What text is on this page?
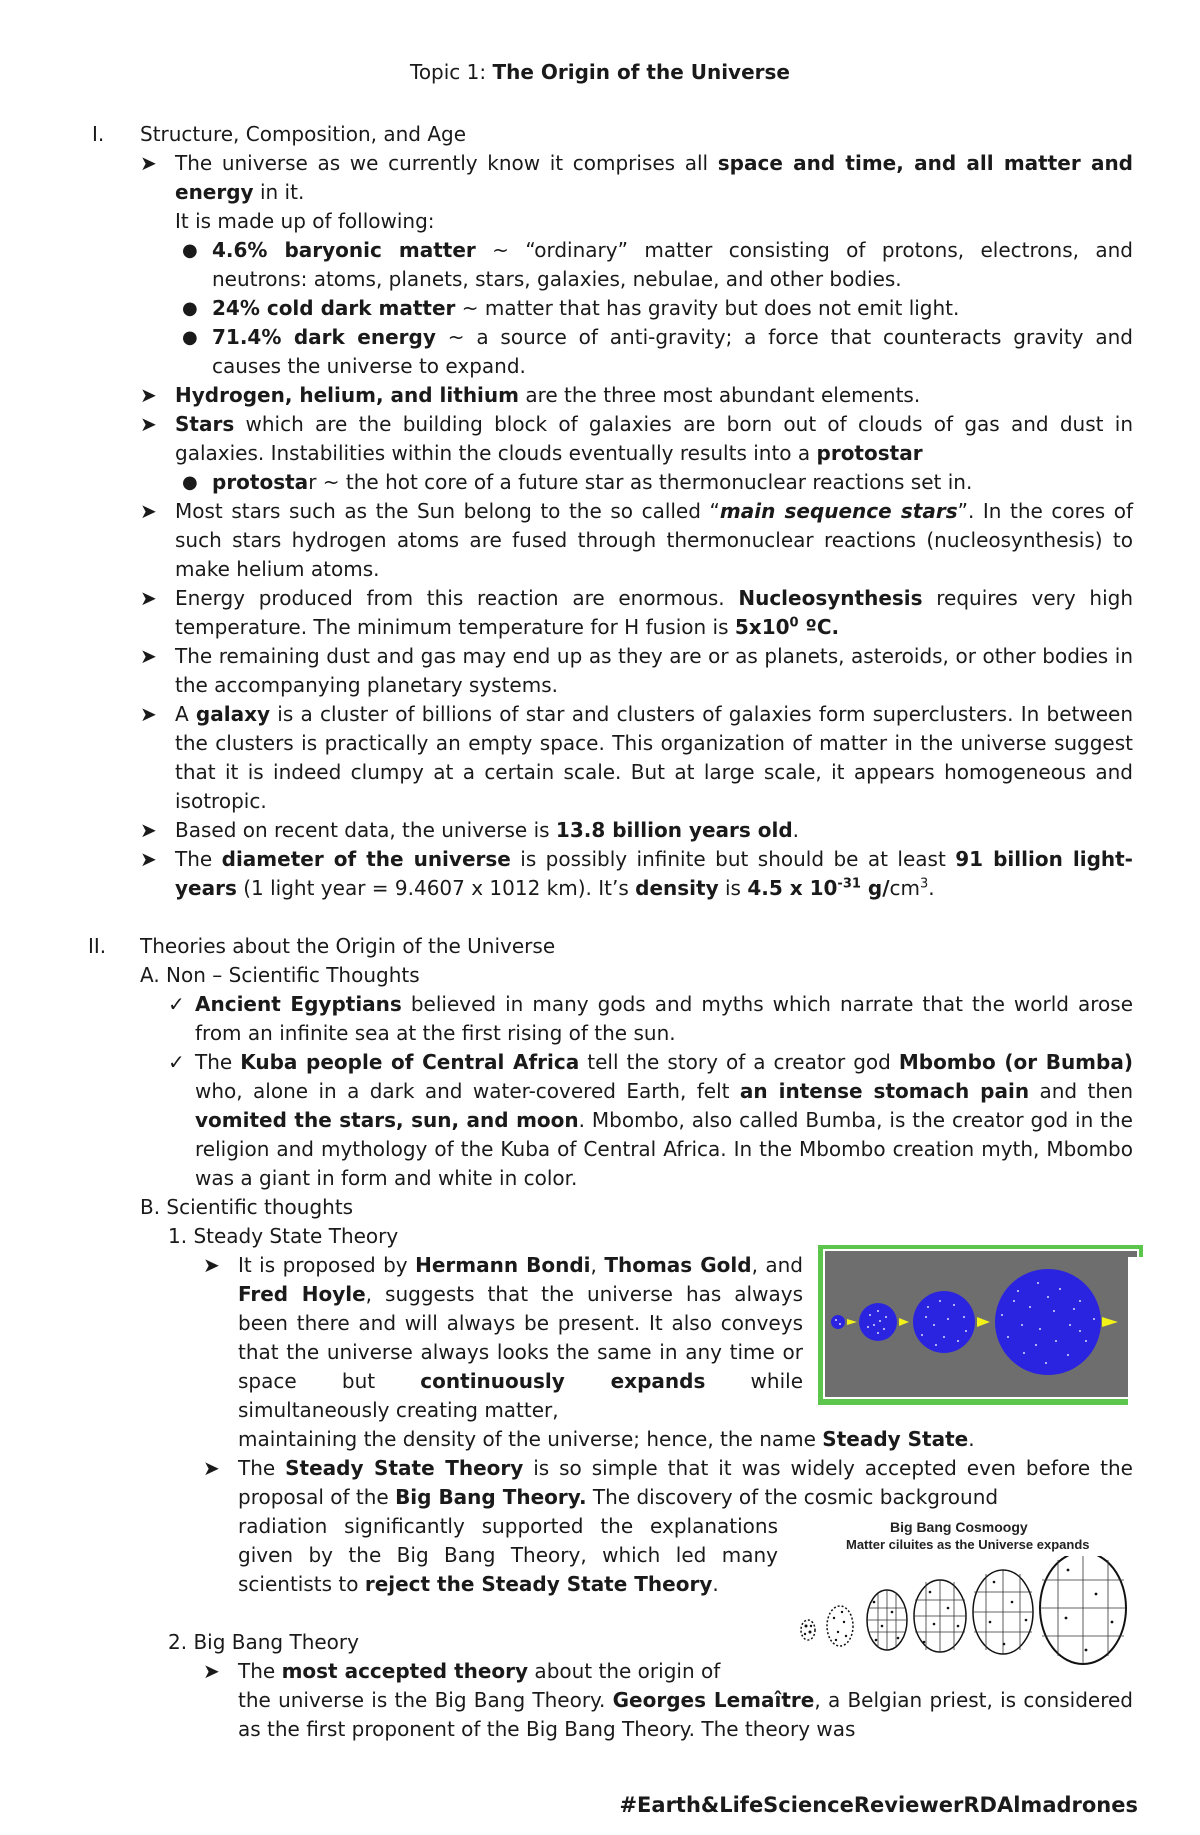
Topic 1: The Origin of the Universe
I. Structure, Composition, and Age
➤ The universe as we currently know it comprises all space and time, and all matter and energy in it.
It is made up of following:
● 4.6% baryonic matter ~ “ordinary” matter consisting of protons, electrons, and neutrons: atoms, planets, stars, galaxies, nebulae, and other bodies.
● 24% cold dark matter ~ matter that has gravity but does not emit light.
● 71.4% dark energy ~ a source of anti-gravity; a force that counteracts gravity and causes the universe to expand.
➤ Hydrogen, helium, and lithium are the three most abundant elements.
➤ Stars which are the building block of galaxies are born out of clouds of gas and dust in galaxies. Instabilities within the clouds eventually results into a protostar
● protostar ~ the hot core of a future star as thermonuclear reactions set in.
➤ Most stars such as the Sun belong to the so called “main sequence stars”. In the cores of such stars hydrogen atoms are fused through thermonuclear reactions (nucleosynthesis) to make helium atoms.
➤ Energy produced from this reaction are enormous. Nucleosynthesis requires very high temperature. The minimum temperature for H fusion is $5x10^0$ ºC.
➤ The remaining dust and gas may end up as they are or as planets, asteroids, or other bodies in the accompanying planetary systems.
➤ A galaxy is a cluster of billions of star and clusters of galaxies form superclusters. In between the clusters is practically an empty space. This organization of matter in the universe suggest that it is indeed clumpy at a certain scale. But at large scale, it appears homogeneous and isotropic.
➤ Based on recent data, the universe is 13.8 billion years old.
➤ The diameter of the universe is possibly infinite but should be at least 91 billion light-years (1 light year = 9.4607 x 1012 km). It’s density is 4.5 x $10^{-31}$ $g/cm^3$.
II. Theories about the Origin of the Universe
A. Non – Scientific Thoughts
✓ Ancient Egyptians believed in many gods and myths which narrate that the world arose from an infinite sea at the first rising of the sun.
✓ The Kuba people of Central Africa tell the story of a creator god Mbombo (or Bumba) who, alone in a dark and water-covered Earth, felt an intense stomach pain and then vomited the stars, sun, and moon. Mbombo, also called Bumba, is the creator god in the religion and mythology of the Kuba of Central Africa. In the Mbombo creation myth, Mbombo was a giant in form and white in color.
B. Scientific thoughts
1. Steady State Theory
➤ It is proposed by Hermann Bondi, Thomas Gold, and Fred Hoyle, suggests that the universe has always been there and will always be present. It also conveys that the universe always looks the same in any time or space but continuously expands while simultaneously creating matter,
maintaining the density of the universe; hence, the name Steady State.
➤ The Steady State Theory is so simple that it was widely accepted even before the proposal of the Big Bang Theory. The discovery of the cosmic background
radiation significantly supported the explanations given by the Big Bang Theory, which led many scientists to reject the Steady State Theory.
2. Big Bang Theory
➤ The most accepted theory about the origin of
the universe is the Big Bang Theory. Georges Lemaître, a Belgian priest, is considered as the first proponent of the Big Bang Theory. The theory was
Big Bang Cosmoogy
Matter ciluites as the Universe expands
#Earth&LifeScienceReviewerRDAlmadrones
